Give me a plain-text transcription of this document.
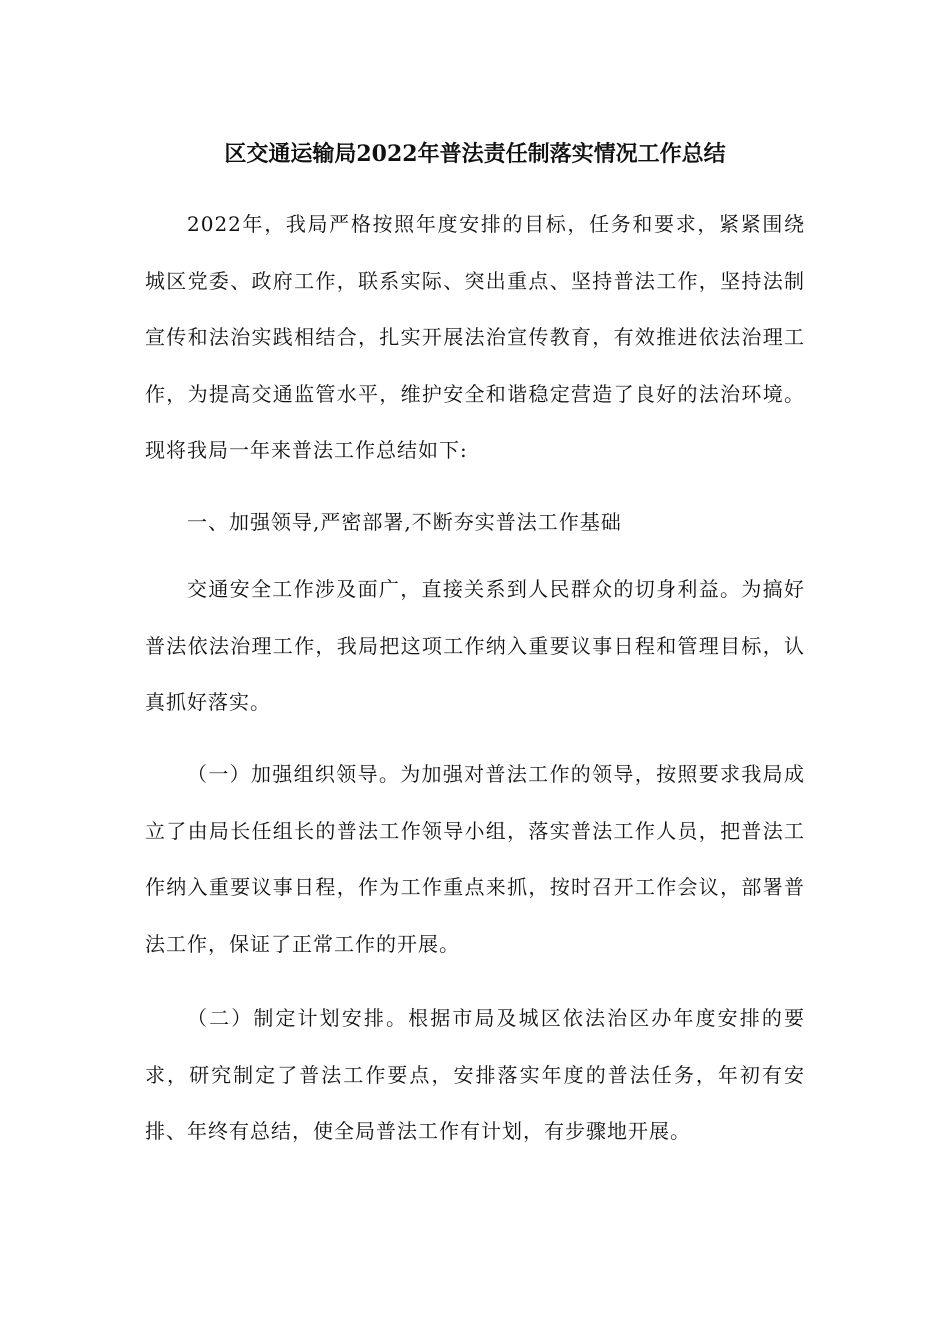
区交通运输局2022年普法责任制落实情况工作总结

2022年，我局严格按照年度安排的目标，任务和要求，紧紧围绕城区党委、政府工作，联系实际、突出重点、坚持普法工作，坚持法制宣传和法治实践相结合，扎实开展法治宣传教育，有效推进依法治理工作，为提高交通监管水平，维护安全和谐稳定营造了良好的法治环境。现将我局一年来普法工作总结如下:

一、加强领导,严密部署,不断夯实普法工作基础

交通安全工作涉及面广，直接关系到人民群众的切身利益。为搞好普法依法治理工作，我局把这项工作纳入重要议事日程和管理目标，认真抓好落实。

（一）加强组织领导。为加强对普法工作的领导，按照要求我局成立了由局长任组长的普法工作领导小组，落实普法工作人员，把普法工作纳入重要议事日程，作为工作重点来抓，按时召开工作会议，部署普法工作，保证了正常工作的开展。

（二）制定计划安排。根据市局及城区依法治区办年度安排的要求，研究制定了普法工作要点，安排落实年度的普法任务，年初有安排、年终有总结，使全局普法工作有计划，有步骤地开展。
